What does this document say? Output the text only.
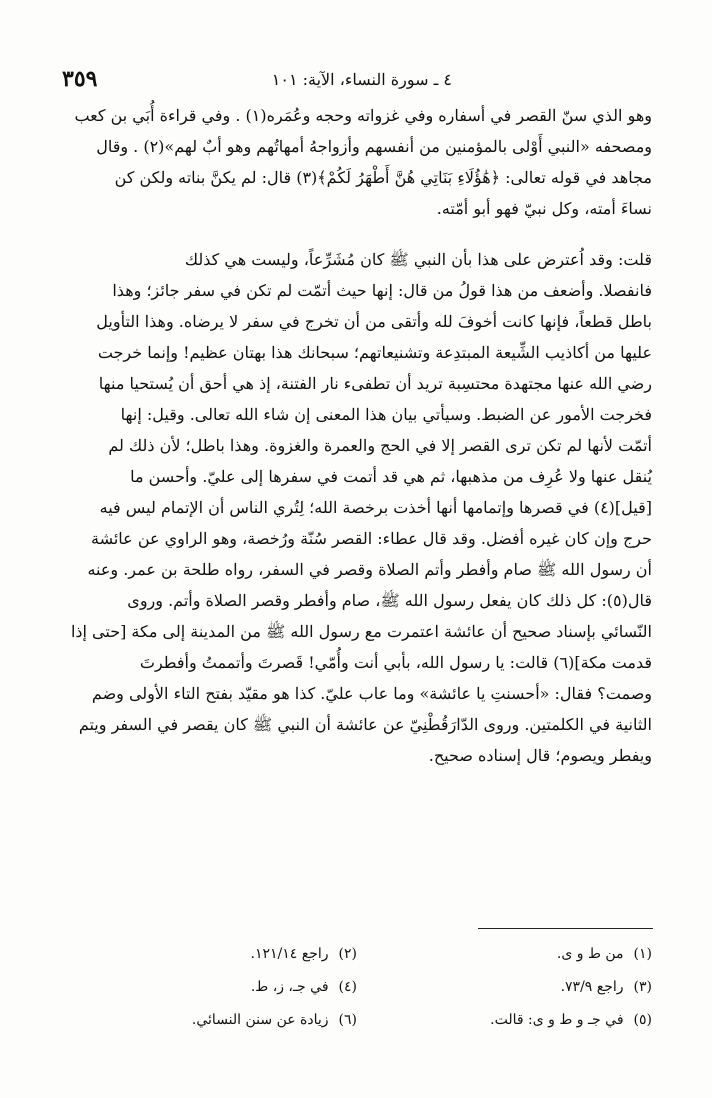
٤ ـ سورة النساء، الآية: ١٠١
٣٥٩

وهو الذي سنّ القصر في أسفاره وفي غزواته وحجه وعُمَره(١) . وفي قراءة أُبَي بن كعب

ومصحفه «النبي أَوْلى بالمؤمنين من أنفسهم وأزواجهُ أمهاتُهم وهو أبٌ لهم»(٢) . وقال

مجاهد في قوله تعالى: ﴿هَٰؤُلَاءِ بَنَاتِي هُنَّ أَطْهَرُ لَكُمْ﴾(٣) قال: لم يكنَّ بناته ولكن كن

نساءَ أمته، وكل نبيّ فهو أبو أمّته.

قلت: وقد اُعترض على هذا بأن النبي ﷺ كان مُشَرِّعاً، وليست هي كذلك

فانفصلا. وأضعف من هذا قولُ من قال: إنها حيث أتمّت لم تكن في سفر جائز؛ وهذا

باطل قطعاً، فإنها كانت أخوفَ لله وأتقى من أن تخرج في سفر لا يرضاه. وهذا التأويل

عليها من أكاذيب الشِّيعة المبتدِعة وتشنيعاتهم؛ سبحانك هذا بهتان عظيم! وإنما خرجت

رضي الله عنها مجتهدة محتسِبة تريد أن تطفىء نار الفتنة، إذ هي أحق أن يُستحيا منها

فخرجت الأمور عن الضبط. وسيأتي بيان هذا المعنى إن شاء الله تعالى. وقيل: إنها

أتمّت لأنها لم تكن ترى القصر إلا في الحج والعمرة والغزوة. وهذا باطل؛ لأن ذلك لم

يُنقل عنها ولا عُرِف من مذهبها، ثم هي قد أتمت في سفرها إلى عليّ. وأحسن ما

[قيل](٤) في قصرها وإتمامها أنها أخذت برخصة الله؛ لِتُري الناس أن الإتمام ليس فيه

حرج وإن كان غيره أفضل. وقد قال عطاء: القصر سُنّة ورُخصة، وهو الراوي عن عائشة

أن رسول الله ﷺ صام وأفطر وأتم الصلاة وقصر في السفر، رواه طلحة بن عمر. وعنه

قال(٥): كل ذلك كان يفعل رسول الله ﷺ، صام وأفطر وقصر الصلاة وأتم. وروى

النّسائي بإسناد صحيح أن عائشة اعتمرت مع رسول الله ﷺ من المدينة إلى مكة [حتى إذا

قدمت مكة](٦) قالت: يا رسول الله، بأبي أنت وأُمّي! قَصرتَ وأتممتُ وأفطرتَ

وصمت؟ فقال: «أحسنتِ يا عائشة» وما عاب عليّ. كذا هو مقيّد بفتح التاء الأولى وضم

الثانية في الكلمتين. وروى الدّارَقُطْنِيّ عن عائشة أن النبي ﷺ كان يقصر في السفر ويتم

ويفطر ويصوم؛ قال إسناده صحيح.

(١)من ط و ى.
(٢)راجع ١٢١/١٤.
(٣)راجع ٧٣/٩.
(٤)في جـ، ز، ط.
(٥)في جـ و ط و ى: قالت.
(٦)زيادة عن سنن النسائي.
